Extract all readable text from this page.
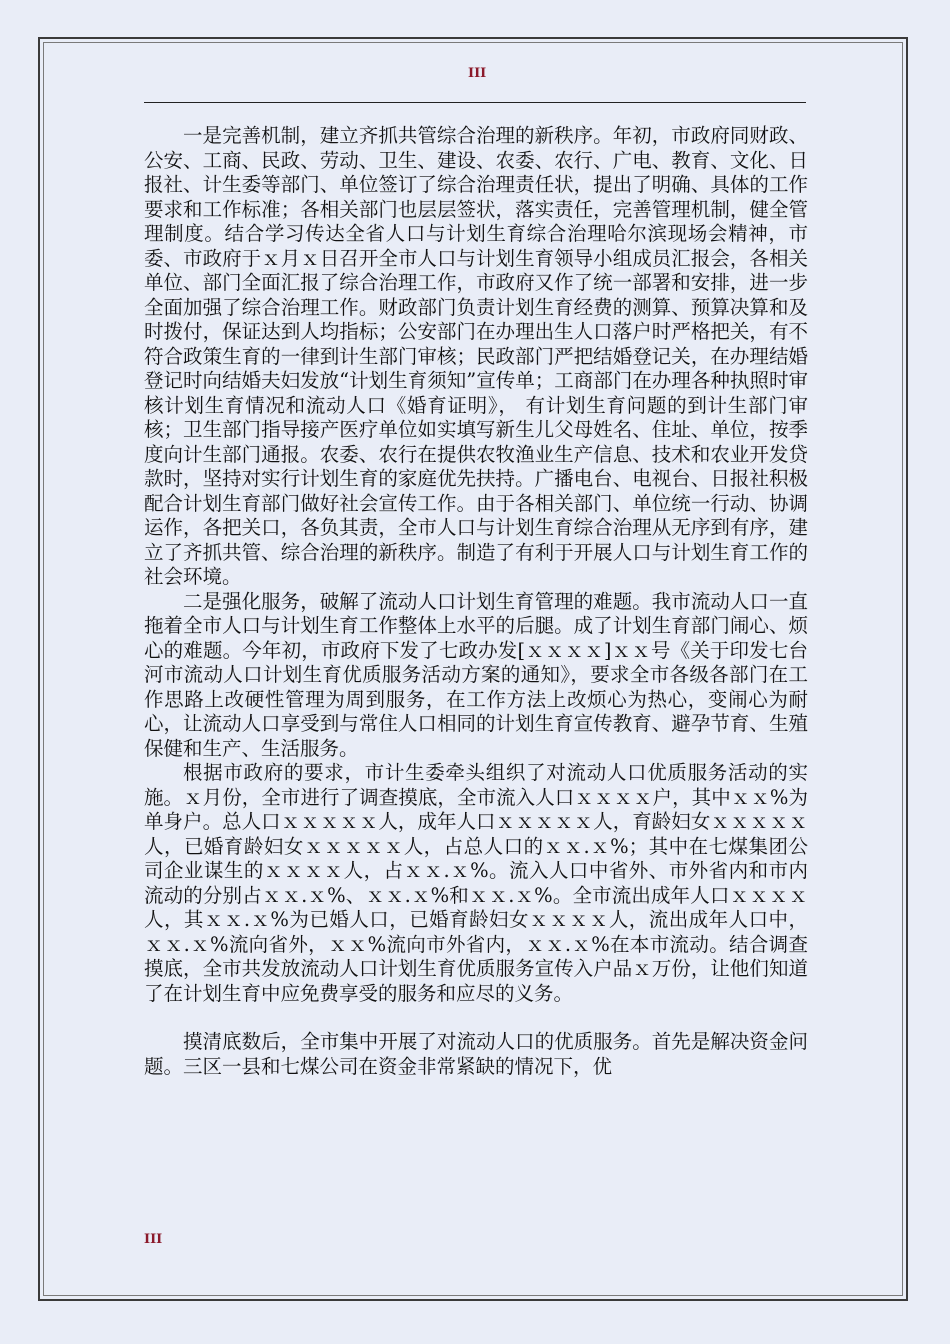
III

一是完善机制，建立齐抓共管综合治理的新秩序。年初，市政府同财政、公安、工商、民政、劳动、卫生、建设、农委、农行、广电、教育、文化、日报社、计生委等部门、单位签订了综合治理责任状，提出了明确、具体的工作要求和工作标准；各相关部门也层层签状，落实责任，完善管理机制，健全管理制度。结合学习传达全省人口与计划生育综合治理哈尔滨现场会精神，市委、市政府于ｘ月ｘ日召开全市人口与计划生育领导小组成员汇报会，各相关单位、部门全面汇报了综合治理工作，市政府又作了统一部署和安排，进一步全面加强了综合治理工作。财政部门负责计划生育经费的测算、预算决算和及时拨付，保证达到人均指标；公安部门在办理出生人口落户时严格把关，有不符合政策生育的一律到计生部门审核；民政部门严把结婚登记关，在办理结婚登记时向结婚夫妇发放“计划生育须知”宣传单；工商部门在办理各种执照时审核计划生育情况和流动人口《婚育证明》， 有计划生育问题的到计生部门审核；卫生部门指导接产医疗单位如实填写新生儿父母姓名、住址、单位，按季度向计生部门通报。农委、农行在提供农牧渔业生产信息、技术和农业开发贷款时，坚持对实行计划生育的家庭优先扶持。广播电台、电视台、日报社积极配合计划生育部门做好社会宣传工作。由于各相关部门、单位统一行动、协调运作，各把关口，各负其责，全市人口与计划生育综合治理从无序到有序，建立了齐抓共管、综合治理的新秩序。制造了有利于开展人口与计划生育工作的社会环境。

二是强化服务，破解了流动人口计划生育管理的难题。我市流动人口一直拖着全市人口与计划生育工作整体上水平的后腿。成了计划生育部门闹心、烦心的难题。今年初，市政府下发了七政办发[ｘｘｘｘ]ｘｘ号《关于印发七台河市流动人口计划生育优质服务活动方案的通知》，要求全市各级各部门在工作思路上改硬性管理为周到服务，在工作方法上改烦心为热心，变闹心为耐心，让流动人口享受到与常住人口相同的计划生育宣传教育、避孕节育、生殖保健和生产、生活服务。

根据市政府的要求，市计生委牵头组织了对流动人口优质服务活动的实施。ｘ月份，全市进行了调查摸底，全市流入人口ｘｘｘｘ户，其中ｘｘ%为单身户。总人口ｘｘｘｘｘ人，成年人口ｘｘｘｘｘ人，育龄妇女ｘｘｘｘｘ人，已婚育龄妇女ｘｘｘｘｘ人，占总人口的ｘｘ.ｘ%；其中在七煤集团公司企业谋生的ｘｘｘｘ人，占ｘｘ.ｘ%。流入人口中省外、市外省内和市内流动的分别占ｘｘ.ｘ%、ｘｘ.ｘ%和ｘｘ.ｘ%。全市流出成年人口ｘｘｘｘ人，其ｘｘ.ｘ%为已婚人口，已婚育龄妇女ｘｘｘｘ人，流出成年人口中，ｘｘ.ｘ%流向省外，ｘｘ%流向市外省内，ｘｘ.ｘ%在本市流动。结合调查摸底，全市共发放流动人口计划生育优质服务宣传入户品ｘ万份，让他们知道了在计划生育中应免费享受的服务和应尽的义务。

摸清底数后，全市集中开展了对流动人口的优质服务。首先是解决资金问题。三区一县和七煤公司在资金非常紧缺的情况下，优

III
